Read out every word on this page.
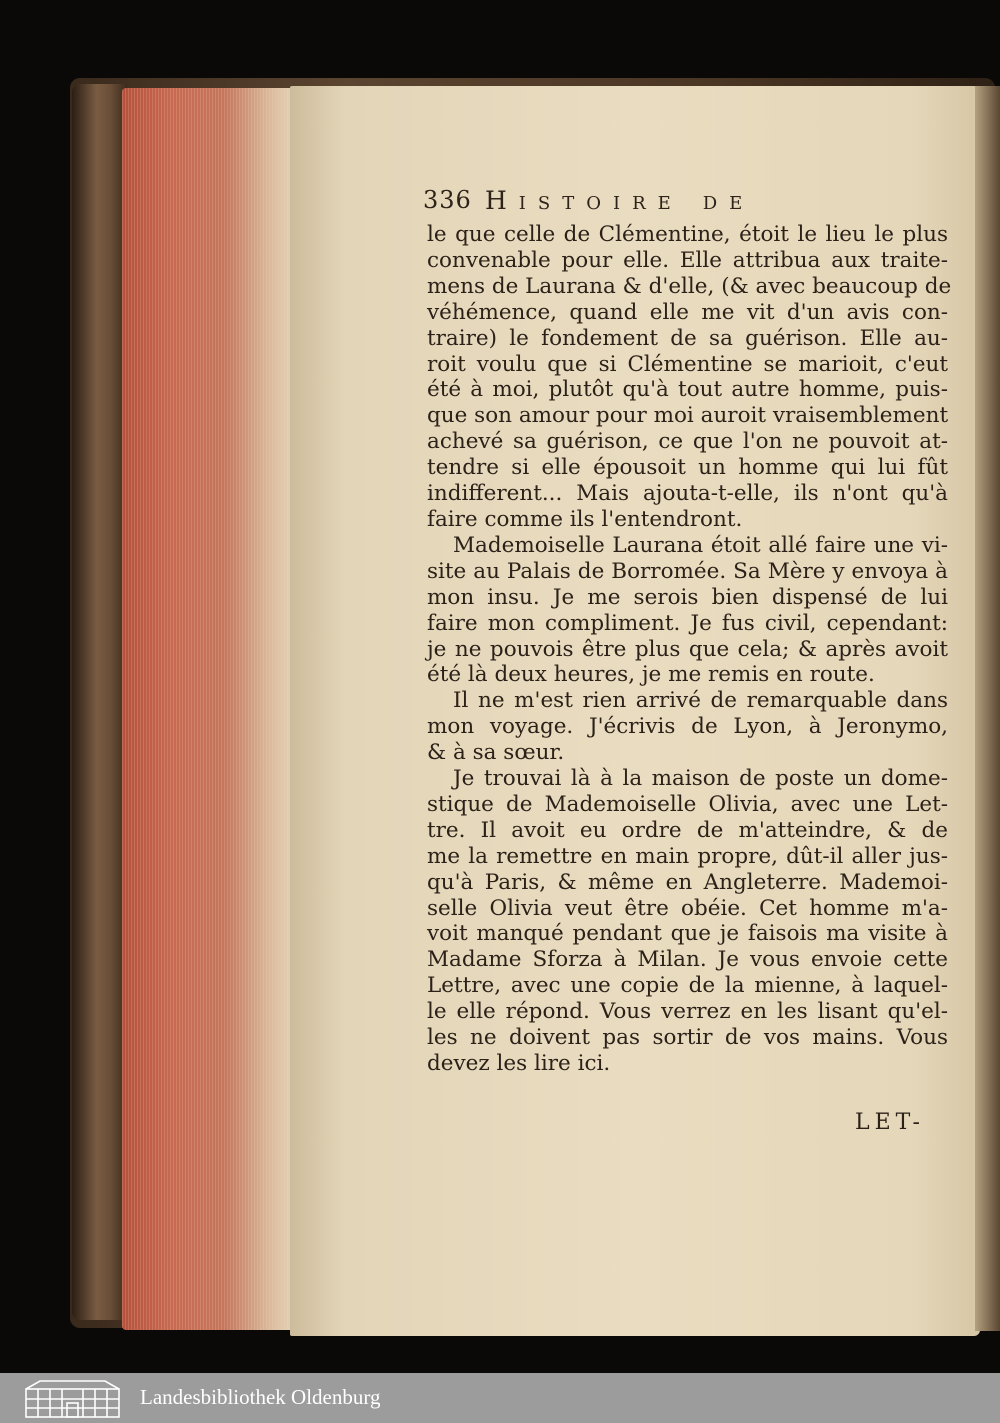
336 Histoire de

le que celle de Clémentine, étoit le lieu le plus
convenable pour elle. Elle attribua aux traite-
mens de Laurana & d'elle, (& avec beaucoup de
véhémence, quand elle me vit d'un avis con-
traire) le fondement de sa guérison. Elle au-
roit voulu que si Clémentine se marioit, c'eut
été à moi, plutôt qu'à tout autre homme, puis-
que son amour pour moi auroit vraisemblement
achevé sa guérison, ce que l'on ne pouvoit at-
tendre si elle épousoit un homme qui lui fût
indifferent... Mais ajouta-t-elle, ils n'ont qu'à
faire comme ils l'entendront.
Mademoiselle Laurana étoit allé faire une vi-
site au Palais de Borromée. Sa Mère y envoya à
mon insu. Je me serois bien dispensé de lui
faire mon compliment. Je fus civil, cependant:
je ne pouvois être plus que cela; & après avoit
été là deux heures, je me remis en route.
Il ne m'est rien arrivé de remarquable dans
mon voyage. J'écrivis de Lyon, à Jeronymo,
& à sa sœur.
Je trouvai là à la maison de poste un dome-
stique de Mademoiselle Olivia, avec une Let-
tre. Il avoit eu ordre de m'atteindre, & de
me la remettre en main propre, dût-il aller jus-
qu'à Paris, & même en Angleterre. Mademoi-
selle Olivia veut être obéie. Cet homme m'a-
voit manqué pendant que je faisois ma visite à
Madame Sforza à Milan. Je vous envoie cette
Lettre, avec une copie de la mienne, à laquel-
le elle répond. Vous verrez en les lisant qu'el-
les ne doivent pas sortir de vos mains. Vous
devez les lire ici.

LET-
Landesbibliothek Oldenburg
